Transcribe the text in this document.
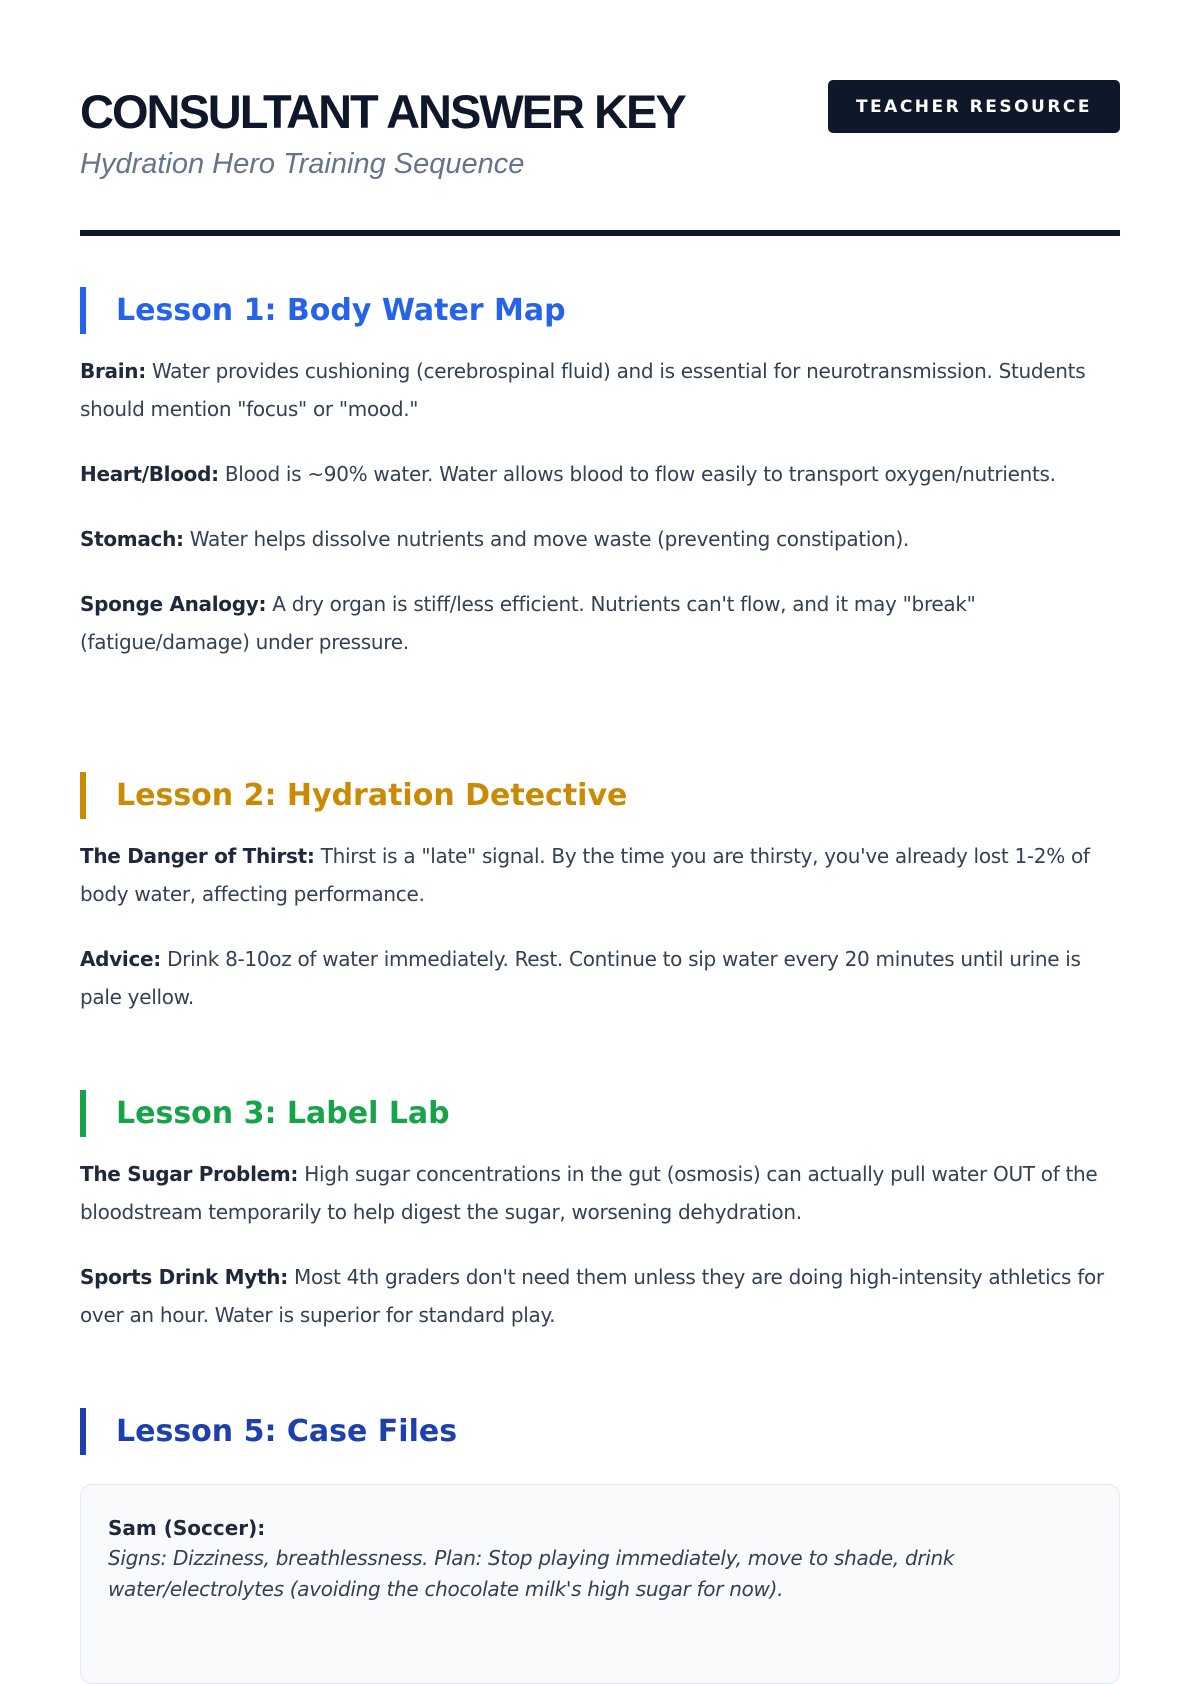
CONSULTANT ANSWER KEY
Hydration Hero Training Sequence
TEACHER RESOURCE
Lesson 1: Body Water Map

Brain: Water provides cushioning (cerebrospinal fluid) and is essential for neurotransmission. Students should mention "focus" or "mood."

Heart/Blood: Blood is ~90% water. Water allows blood to flow easily to transport oxygen/nutrients.

Stomach: Water helps dissolve nutrients and move waste (preventing constipation).

Sponge Analogy: A dry organ is stiff/less efficient. Nutrients can't flow, and it may "break" (fatigue/damage) under pressure.

Lesson 2: Hydration Detective

The Danger of Thirst: Thirst is a "late" signal. By the time you are thirsty, you've already lost 1-2% of body water, affecting performance.

Advice: Drink 8-10oz of water immediately. Rest. Continue to sip water every 20 minutes until urine is pale yellow.

Lesson 3: Label Lab

The Sugar Problem: High sugar concentrations in the gut (osmosis) can actually pull water OUT of the bloodstream temporarily to help digest the sugar, worsening dehydration.

Sports Drink Myth: Most 4th graders don't need them unless they are doing high-intensity athletics for over an hour. Water is superior for standard play.

Lesson 5: Case Files

Sam (Soccer):

Signs: Dizziness, breathlessness. Plan: Stop playing immediately, move to shade, drink water/electrolytes (avoiding the chocolate milk's high sugar for now).
